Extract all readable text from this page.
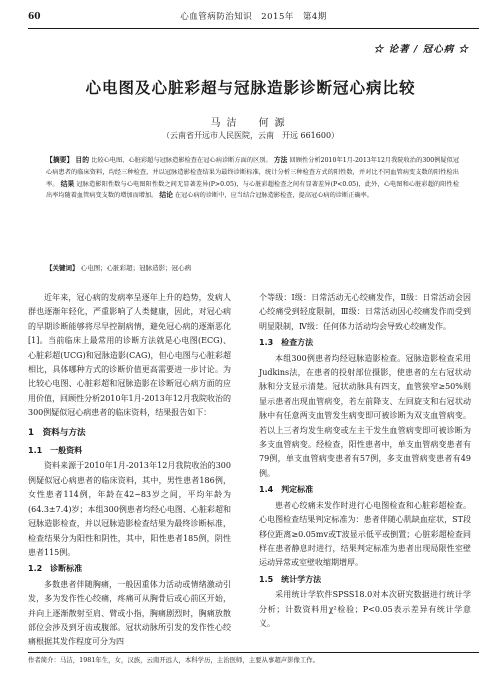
60	心血管病防治知识　2015年　第4期
☆ 论著 / 冠心病 ☆
心电图及心脏彩超与冠脉造影诊断冠心病比较
马洁　何源
（云南省开远市人民医院，云南　开远 661600）
【摘要】 目的 比较心电图、心脏彩超与冠脉造影检查在冠心病诊断方面的区别。 方法 回顾性分析2010年1月-2013年12月我院收治的300例疑似冠心病患者的临床资料，均经三种检查，并以冠脉造影检查结果为最终诊断标准，统计分析三种检查方式的阳性数，并对比不同血管病变支数的阳性检出率。 结果 冠脉造影阳性数与心电图阳性数之间无显著差异(P>0.05)，与心脏彩超检查之间有显著差异(P<0.05)，此外，心电图和心脏彩超的阳性检出率均随着血管病变支数的增加而增加。 结论 在冠心病的诊断中，应当结合冠脉造影检查，提高冠心病的诊断正确率。
【关键词】 心电图；心脏彩超；冠脉造影；冠心病

近年来，冠心病的发病率呈逐年上升的趋势，发病人群也逐渐年轻化，严重影响了人类健康，因此，对冠心病的早期诊断能够将尽早控制病情，避免冠心病的逐渐恶化[1]。当前临床上最常用的诊断方法就是心电图(ECG)、心脏彩超(UCG)和冠脉造影(CAG)，但心电图与心脏彩超相比，具体哪种方式的诊断价值更高需要进一步讨论。为比较心电图、心脏彩超和冠脉造影在诊断冠心病方面的应用价值，回顾性分析2010年1月-2013年12月我院收治的300例疑似冠心病患者的临床资料，结果报告如下：

1　资料与方法
1.1　一般资料

资料来源于2010年1月-2013年12月我院收治的300例疑似冠心病患者的临床资料，其中，男性患者186例，女性患者114例，年龄在42~83岁之间，平均年龄为(64.3±7.4)岁；本组300例患者均经心电图、心脏彩超和冠脉造影检查，并以冠脉造影检查结果为最终诊断标准，检查结果分为阳性和阴性，其中，阳性患者185例，阴性患者115例。

1.2　诊断标准

多数患者伴随胸痛，一般因重体力活动或情绪激动引发，多为发作性心绞痛，疼痛可从胸骨后或心前区开始，并向上逐渐散射至肩、臂或小指，胸痛剧烈时，胸痛放散部位会涉及到牙齿或腹部。冠状动脉所引发的发作性心绞痛根据其发作程度可分为四

个等级：Ⅰ级：日常活动无心绞痛发作，Ⅱ级：日常活动会因心绞痛受到轻度限制，Ⅲ级：日常活动因心绞痛发作而受到明显限制，Ⅳ级：任何体力活动均会导致心绞痛发作。

1.3　检查方法

本组300例患者均经冠脉造影检查。冠脉造影检查采用Judkins法，在患者的投射部位摄影，使患者的左右冠状动脉和分支显示清楚。冠状动脉具有四支，血管狭窄≥50%则显示患者出现血管病变，若左前降支、左回旋支和右冠状动脉中有任意两支血管发生病变即可被诊断为双支血管病变。若以上三者均发生病变或左主干发生血管病变即可被诊断为多支血管病变。经检查，阳性患者中，单支血管病变患者有79例，单支血管病变患者有57例，多支血管病变患者有49例。

1.4　判定标准

患者心绞痛未发作时进行心电图检查和心脏彩超检查。心电图检查结果判定标准为：患者伴随心肌缺血症状，ST段移位距离≥0.05mv或T波显示低平或倒置；心脏彩超检查同样在患者静息时进行，结果判定标准为患者出现局限性室壁运动异常或室壁收缩期增厚。

1.5　统计学方法

采用统计学软件SPSS18.0对本次研究数据进行统计学分析；计数资料用χ²检验；P<0.05表示差异有统计学意义。

作者简介：马洁，1981年生，女，汉族，云南开远人，本科学历，主治医师，主要从事超声影像工作。
